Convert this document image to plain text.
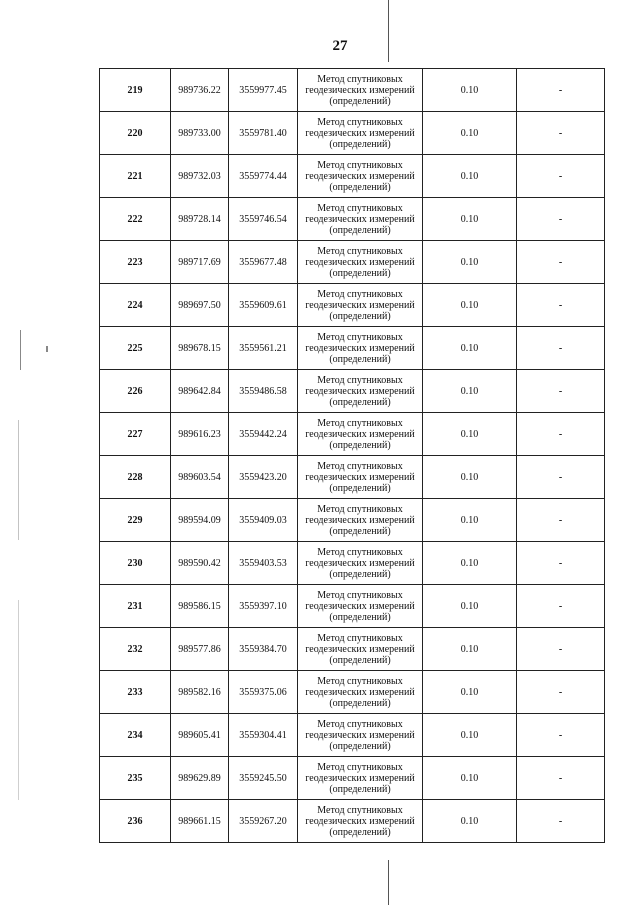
27
219	989736.22	3559977.45	Метод спутниковых
геодезических измерений
(определений)	0.10	-
220	989733.00	3559781.40	Метод спутниковых
геодезических измерений
(определений)	0.10	-
221	989732.03	3559774.44	Метод спутниковых
геодезических измерений
(определений)	0.10	-
222	989728.14	3559746.54	Метод спутниковых
геодезических измерений
(определений)	0.10	-
223	989717.69	3559677.48	Метод спутниковых
геодезических измерений
(определений)	0.10	-
224	989697.50	3559609.61	Метод спутниковых
геодезических измерений
(определений)	0.10	-
225	989678.15	3559561.21	Метод спутниковых
геодезических измерений
(определений)	0.10	-
226	989642.84	3559486.58	Метод спутниковых
геодезических измерений
(определений)	0.10	-
227	989616.23	3559442.24	Метод спутниковых
геодезических измерений
(определений)	0.10	-
228	989603.54	3559423.20	Метод спутниковых
геодезических измерений
(определений)	0.10	-
229	989594.09	3559409.03	Метод спутниковых
геодезических измерений
(определений)	0.10	-
230	989590.42	3559403.53	Метод спутниковых
геодезических измерений
(определений)	0.10	-
231	989586.15	3559397.10	Метод спутниковых
геодезических измерений
(определений)	0.10	-
232	989577.86	3559384.70	Метод спутниковых
геодезических измерений
(определений)	0.10	-
233	989582.16	3559375.06	Метод спутниковых
геодезических измерений
(определений)	0.10	-
234	989605.41	3559304.41	Метод спутниковых
геодезических измерений
(определений)	0.10	-
235	989629.89	3559245.50	Метод спутниковых
геодезических измерений
(определений)	0.10	-
236	989661.15	3559267.20	Метод спутниковых
геодезических измерений
(определений)	0.10	-
